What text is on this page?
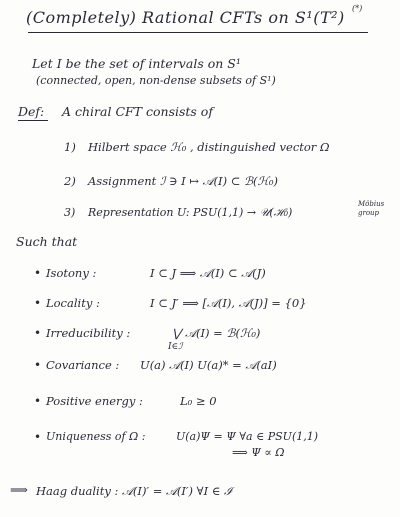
(Completely) Rational CFTs on S¹(T²) (*)
Let I be the set of intervals on S¹
(connected, open, non-dense subsets of S¹)
Def: A chiral CFT consists of
1) Hilbert space ℋ₀ , distinguished vector Ω
2) Assignment ℐ ∋ I ↦ 𝒜(I) ⊂ ℬ(ℋ₀)
3) Representation U: PSU(1,1) → 𝒰(ℋ₀)
Möbius
group
Such that
• Isotony :	I ⊂ J ⟹ 𝒜(I) ⊂ 𝒜(J)
• Locality :	I ⊂ J′ ⟹ [𝒜(I), 𝒜(J)] = {0}
• Irreducibility :	⋁ 𝒜(I) = ℬ(ℋ₀)
I∈ℐ
• Covariance : U(a) 𝒜(I) U(a)* = 𝒜(aI)
• Positive energy :	L₀ ≥ 0
• Uniqueness of Ω :	U(a)Ψ = Ψ ∀a ∈ PSU(1,1)
⟹ Ψ ∝ Ω
⟹ Haag duality : 𝒜(I)′ = 𝒜(I′) ∀I ∈ ℐ
